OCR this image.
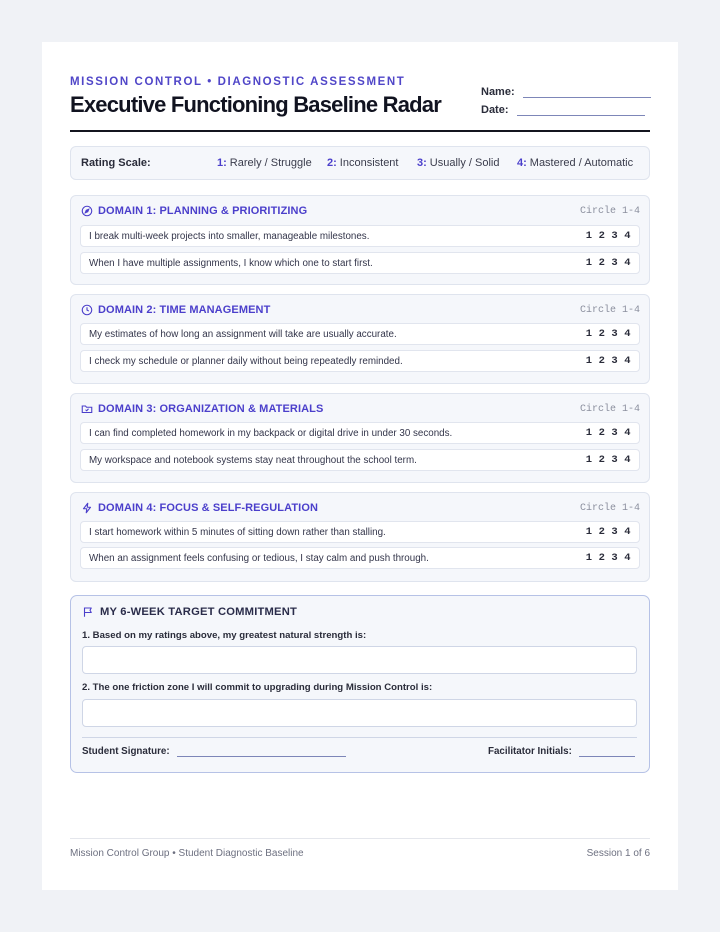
MISSION CONTROL • DIAGNOSTIC ASSESSMENT
Executive Functioning Baseline Radar	Name:
Date:
Rating Scale:	1: Rarely / Struggle 2: Inconsistent 3: Usually / Solid 4: Mastered / Automatic
DOMAIN 1: PLANNING & PRIORITIZING	Circle 1-4
I break multi-week projects into smaller, manageable milestones.	1 2 3 4
When I have multiple assignments, I know which one to start first.	1 2 3 4
DOMAIN 2: TIME MANAGEMENT	Circle 1-4
My estimates of how long an assignment will take are usually accurate.	1 2 3 4
I check my schedule or planner daily without being repeatedly reminded.	1 2 3 4
DOMAIN 3: ORGANIZATION & MATERIALS	Circle 1-4
I can find completed homework in my backpack or digital drive in under 30 seconds.	1 2 3 4
My workspace and notebook systems stay neat throughout the school term.	1 2 3 4
DOMAIN 4: FOCUS & SELF-REGULATION	Circle 1-4
I start homework within 5 minutes of sitting down rather than stalling.	1 2 3 4
When an assignment feels confusing or tedious, I stay calm and push through.	1 2 3 4
MY 6-WEEK TARGET COMMITMENT
1. Based on my ratings above, my greatest natural strength is:
2. The one friction zone I will commit to upgrading during Mission Control is:
Student Signature:	Facilitator Initials:
Mission Control Group • Student Diagnostic Baseline	Session 1 of 6
